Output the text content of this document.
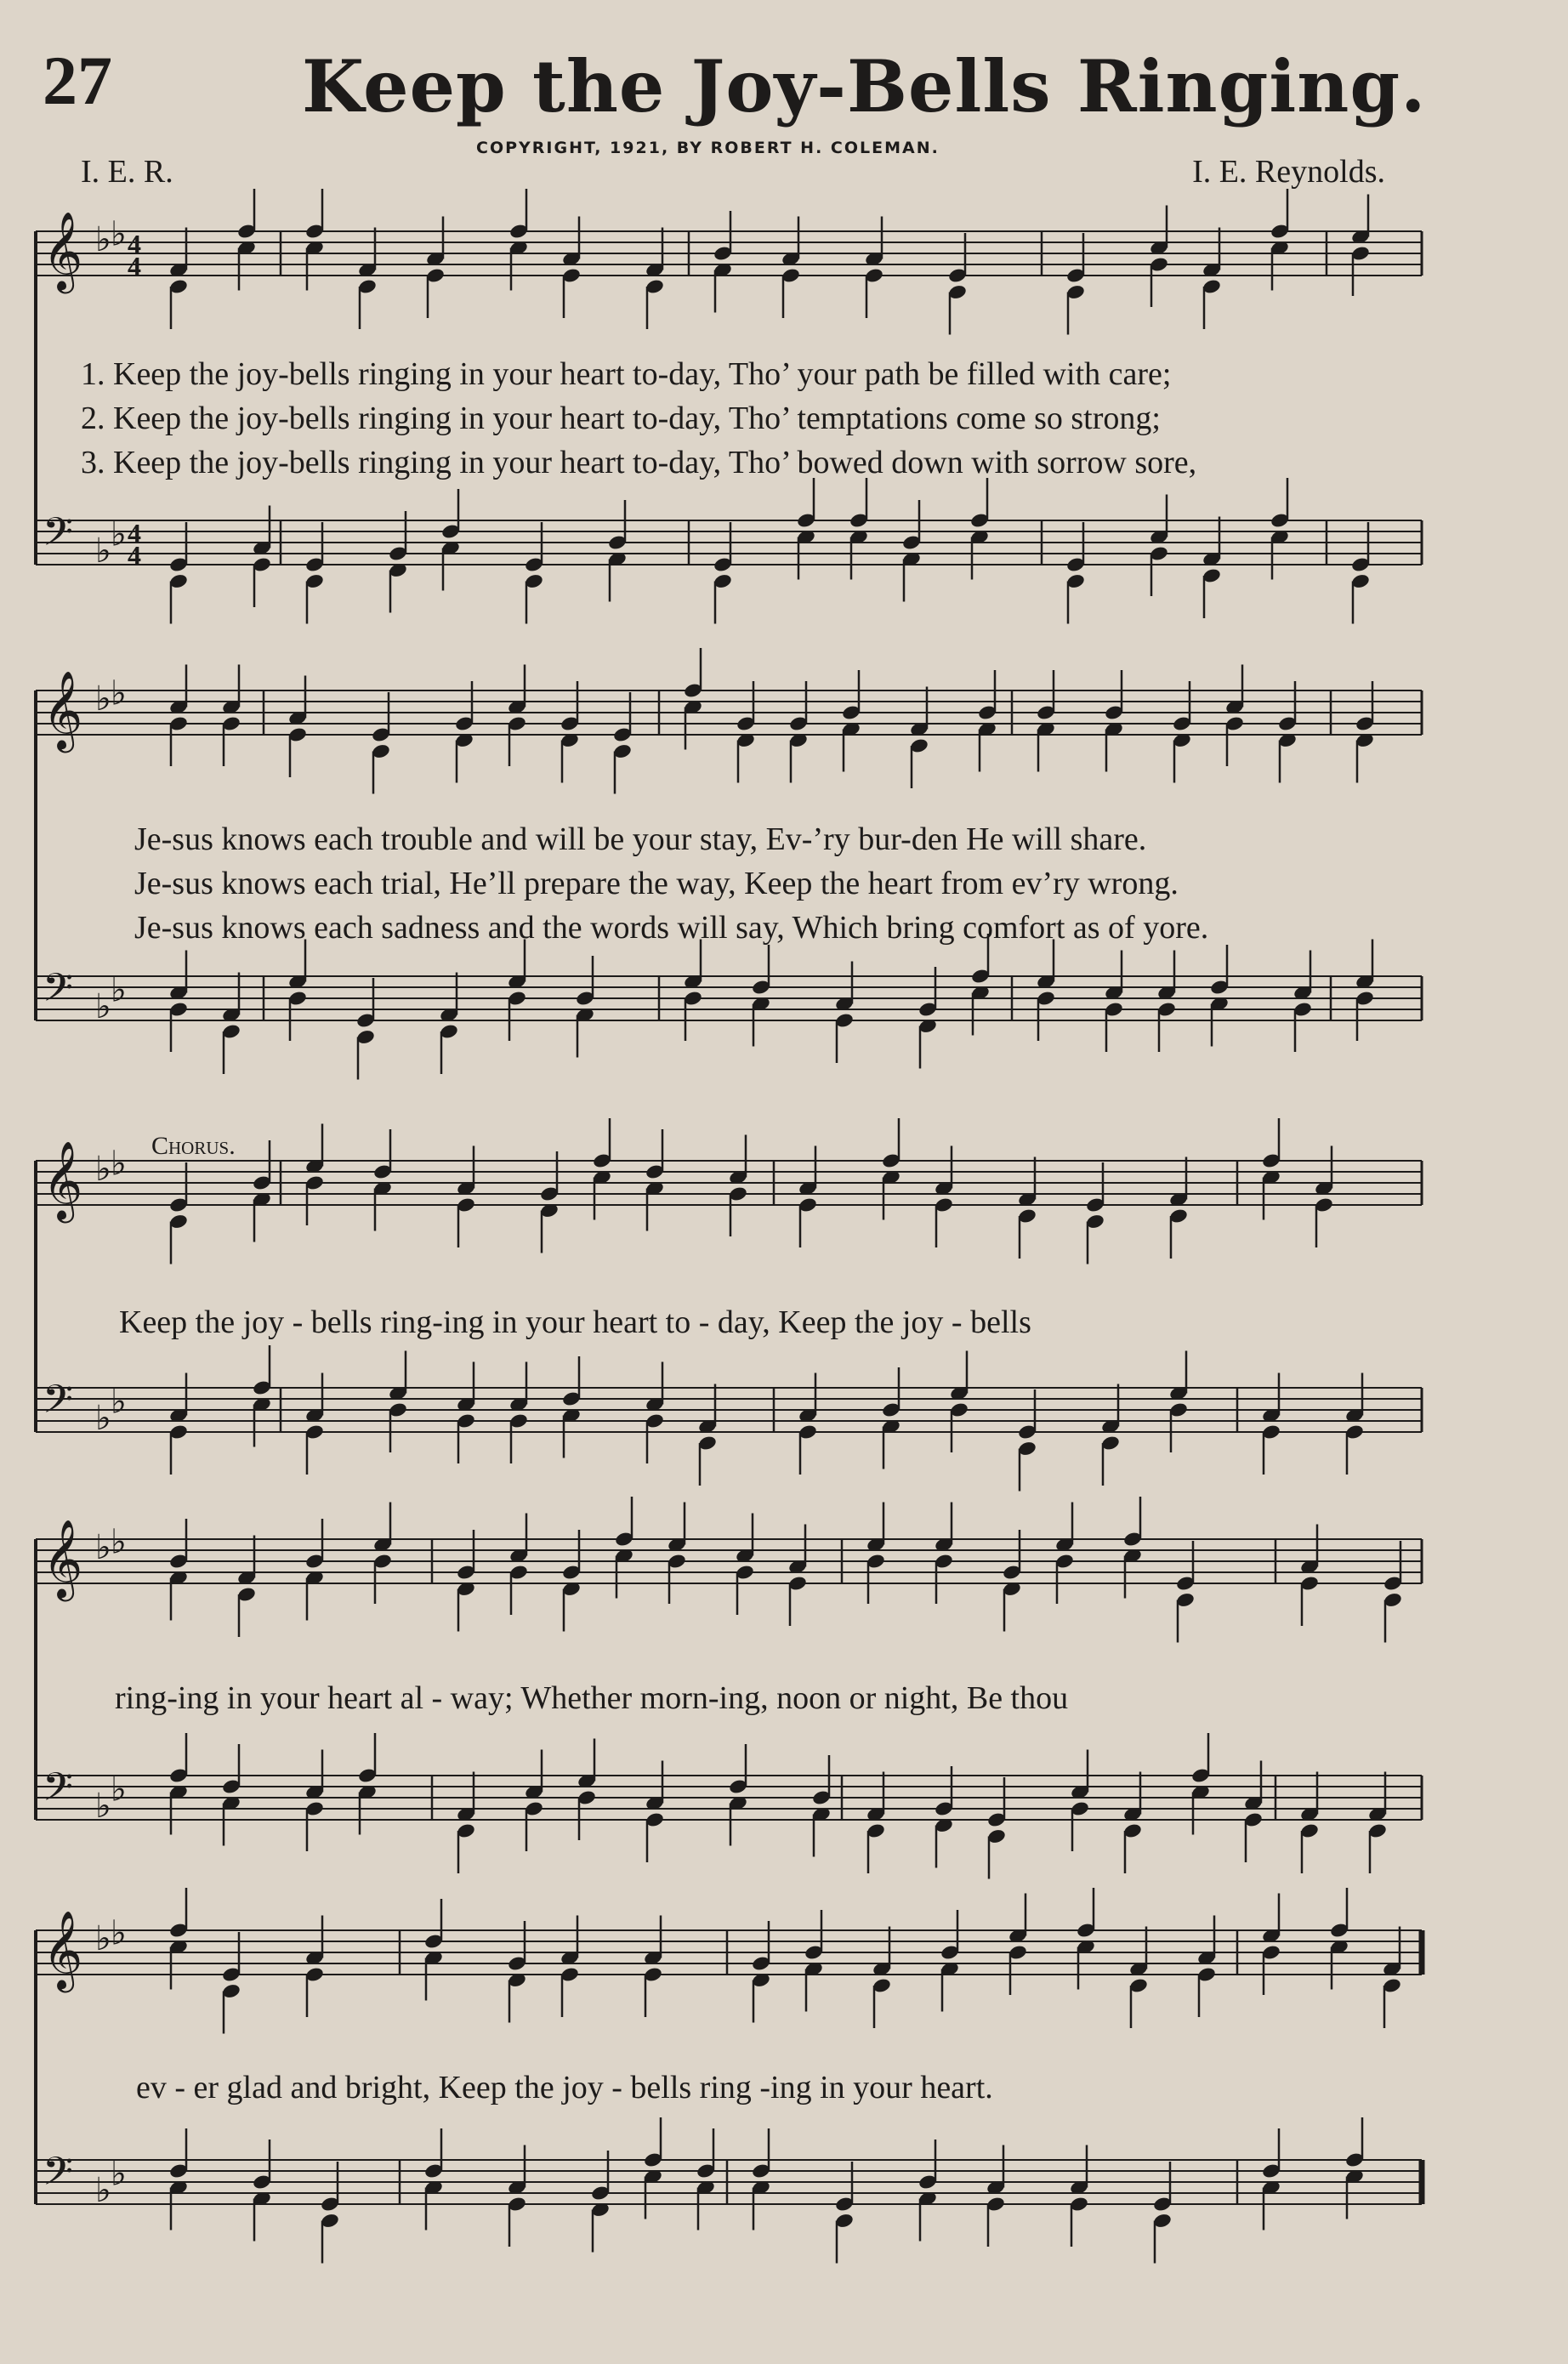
27	Keep the Joy-Bells Ringing.
COPYRIGHT, 1921, BY ROBERT H. COLEMAN.
I. E. R.	I. E. Reynolds.
𝄞
𝄢
♭ ♭
♭ ♭
4
4
4
4
𝄞
𝄢
♭ ♭
♭ ♭
𝄞
𝄢
♭ ♭
♭ ♭
𝄞
𝄢
♭ ♭
♭ ♭
𝄞
𝄢
♭ ♭
♭ ♭
1. Keep the joy-bells ringing in your heart to-day, Tho’ your path be filled with care;
2. Keep the joy-bells ringing in your heart to-day, Tho’ temptations come so strong;
3. Keep the joy-bells ringing in your heart to-day, Tho’ bowed down with sorrow sore,
Je-sus knows each trouble and will be your stay, Ev-’ry bur-den He will share.
Je-sus knows each trial, He’ll prepare the way, Keep the heart from ev’ry wrong.
Je-sus knows each sadness and the words will say, Which bring comfort as of yore.
Chorus.
Keep the joy - bells ring-ing in your heart to - day, Keep the joy - bells
ring-ing in your heart al - way; Whether morn-ing, noon or night, Be thou
ev - er glad and bright, Keep the joy - bells ring -ing in your heart.
